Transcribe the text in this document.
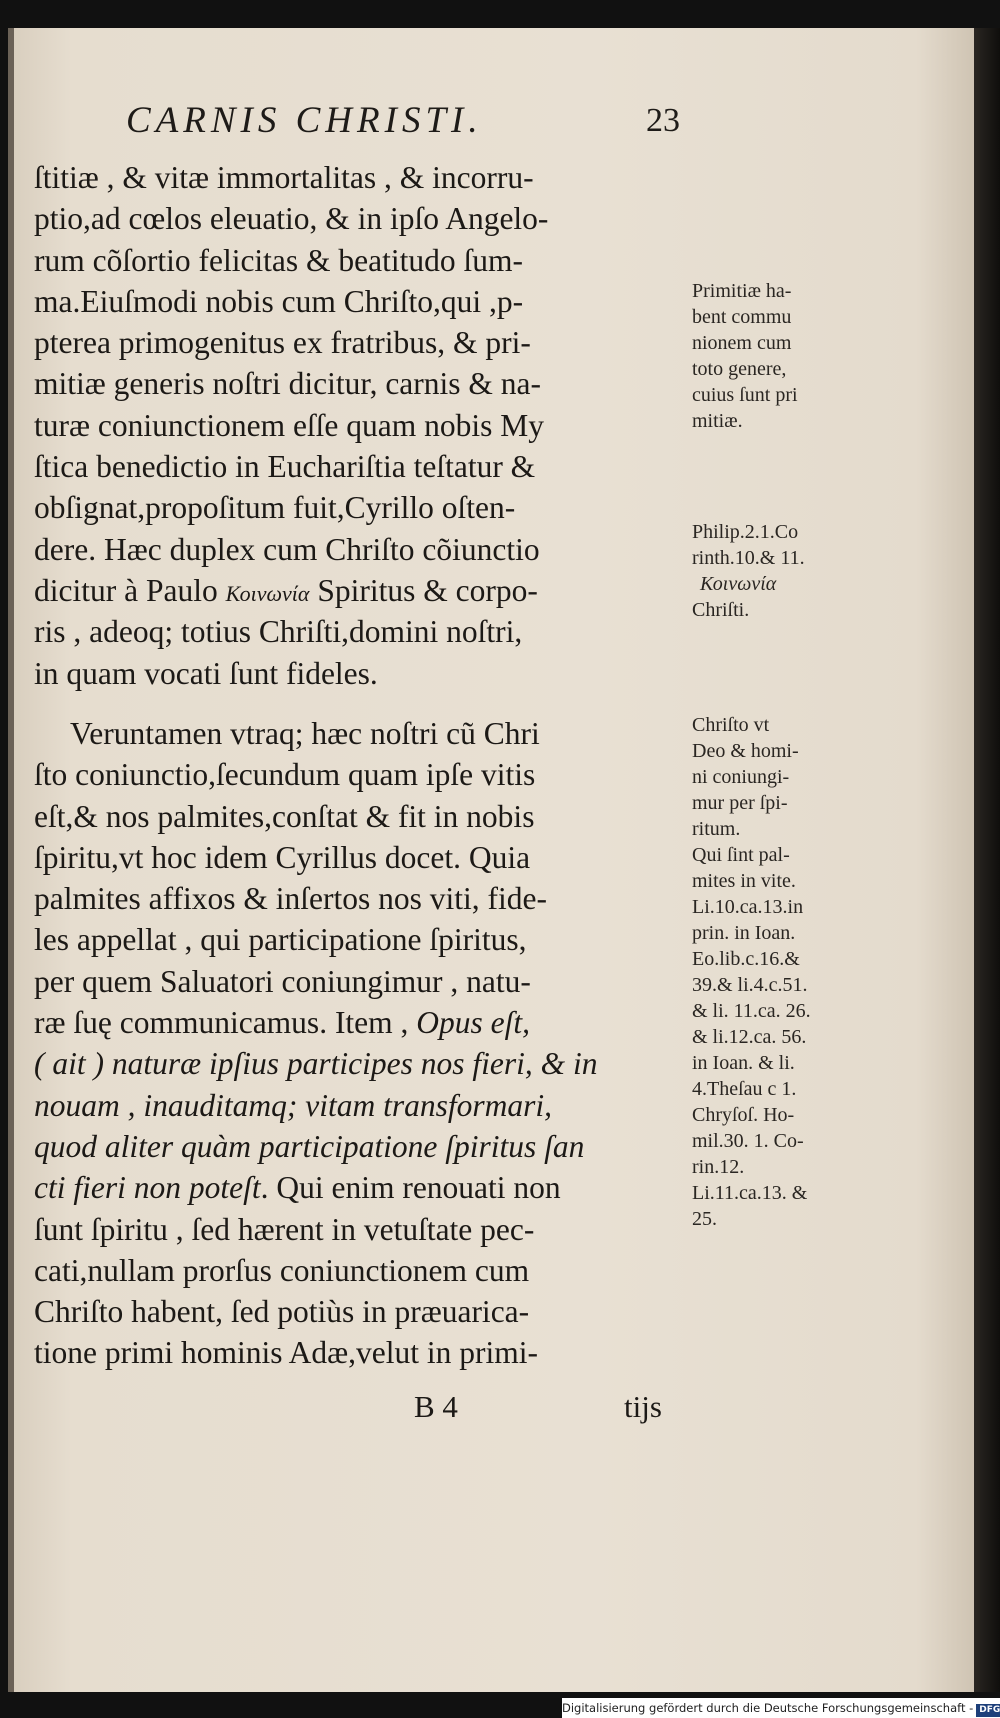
CARNIS CHRISTI.	23
ſtitiæ , & vitæ immortalitas , & incorru-
ptio,ad cœlos eleuatio, & in ipſo Angelo-
rum cõſortio felicitas & beatitudo ſum-
ma.Eiuſmodi nobis cum Chriſto,qui ,p-
pterea primogenitus ex fratribus, & pri-
mitiæ generis noſtri dicitur, carnis & na-
turæ coniunctionem eſſe quam nobis My
ſtica benedictio in Euchariſtia teſtatur &
obſignat,propoſitum fuit,Cyrillo oſten-
dere. Hæc duplex cum Chriſto cõiunctio
dicitur à Paulo Κοινωνία Spiritus & corpo-
ris , adeoq; totius Chriſti,domini noſtri,
in quam vocati ſunt fideles.
Veruntamen vtraq; hæc noſtri cũ Chri
ſto coniunctio,ſecundum quam ipſe vitis
eſt,& nos palmites,conſtat & fit in nobis
ſpiritu,vt hoc idem Cyrillus docet. Quia
palmites affixos & inſertos nos viti, fide-
les appellat , qui participatione ſpiritus,
per quem Saluatori coniungimur , natu-
ræ ſuę communicamus. Item , Opus eſt,
( ait ) naturæ ipſius participes nos fieri, & in
nouam , inauditamq; vitam transformari,
quod aliter quàm participatione ſpiritus ſan
cti fieri non poteſt. Qui enim renouati non
ſunt ſpiritu , ſed hærent in vetuſtate pec-
cati,nullam prorſus coniunctionem cum
Chriſto habent, ſed potiùs in præuarica-
tione primi hominis Adæ,velut in primi-
Primitiæ ha-
bent commu
nionem cum
toto genere,
cuius ſunt pri
mitiæ.
Philip.2.1.Co
rinth.10.& 11.
Κοινωνία
Chriſti.
Chriſto vt
Deo & homi-
ni coniungi-
mur per ſpi-
ritum.
Qui ſint pal-
mites in vite.
Li.10.ca.13.in
prin. in Ioan.
Eo.lib.c.16.&
39.& li.4.c.51.
& li. 11.ca. 26.
& li.12.ca. 56.
in Ioan. & li.
4.Theſau c 1.
Chryſoſ. Ho-
mil.30. 1. Co-
rin.12.
Li.11.ca.13. &
25.
B 4	tijs
Digitalisierung gefördert durch die Deutsche Forschungsgemeinschaft - DFG
